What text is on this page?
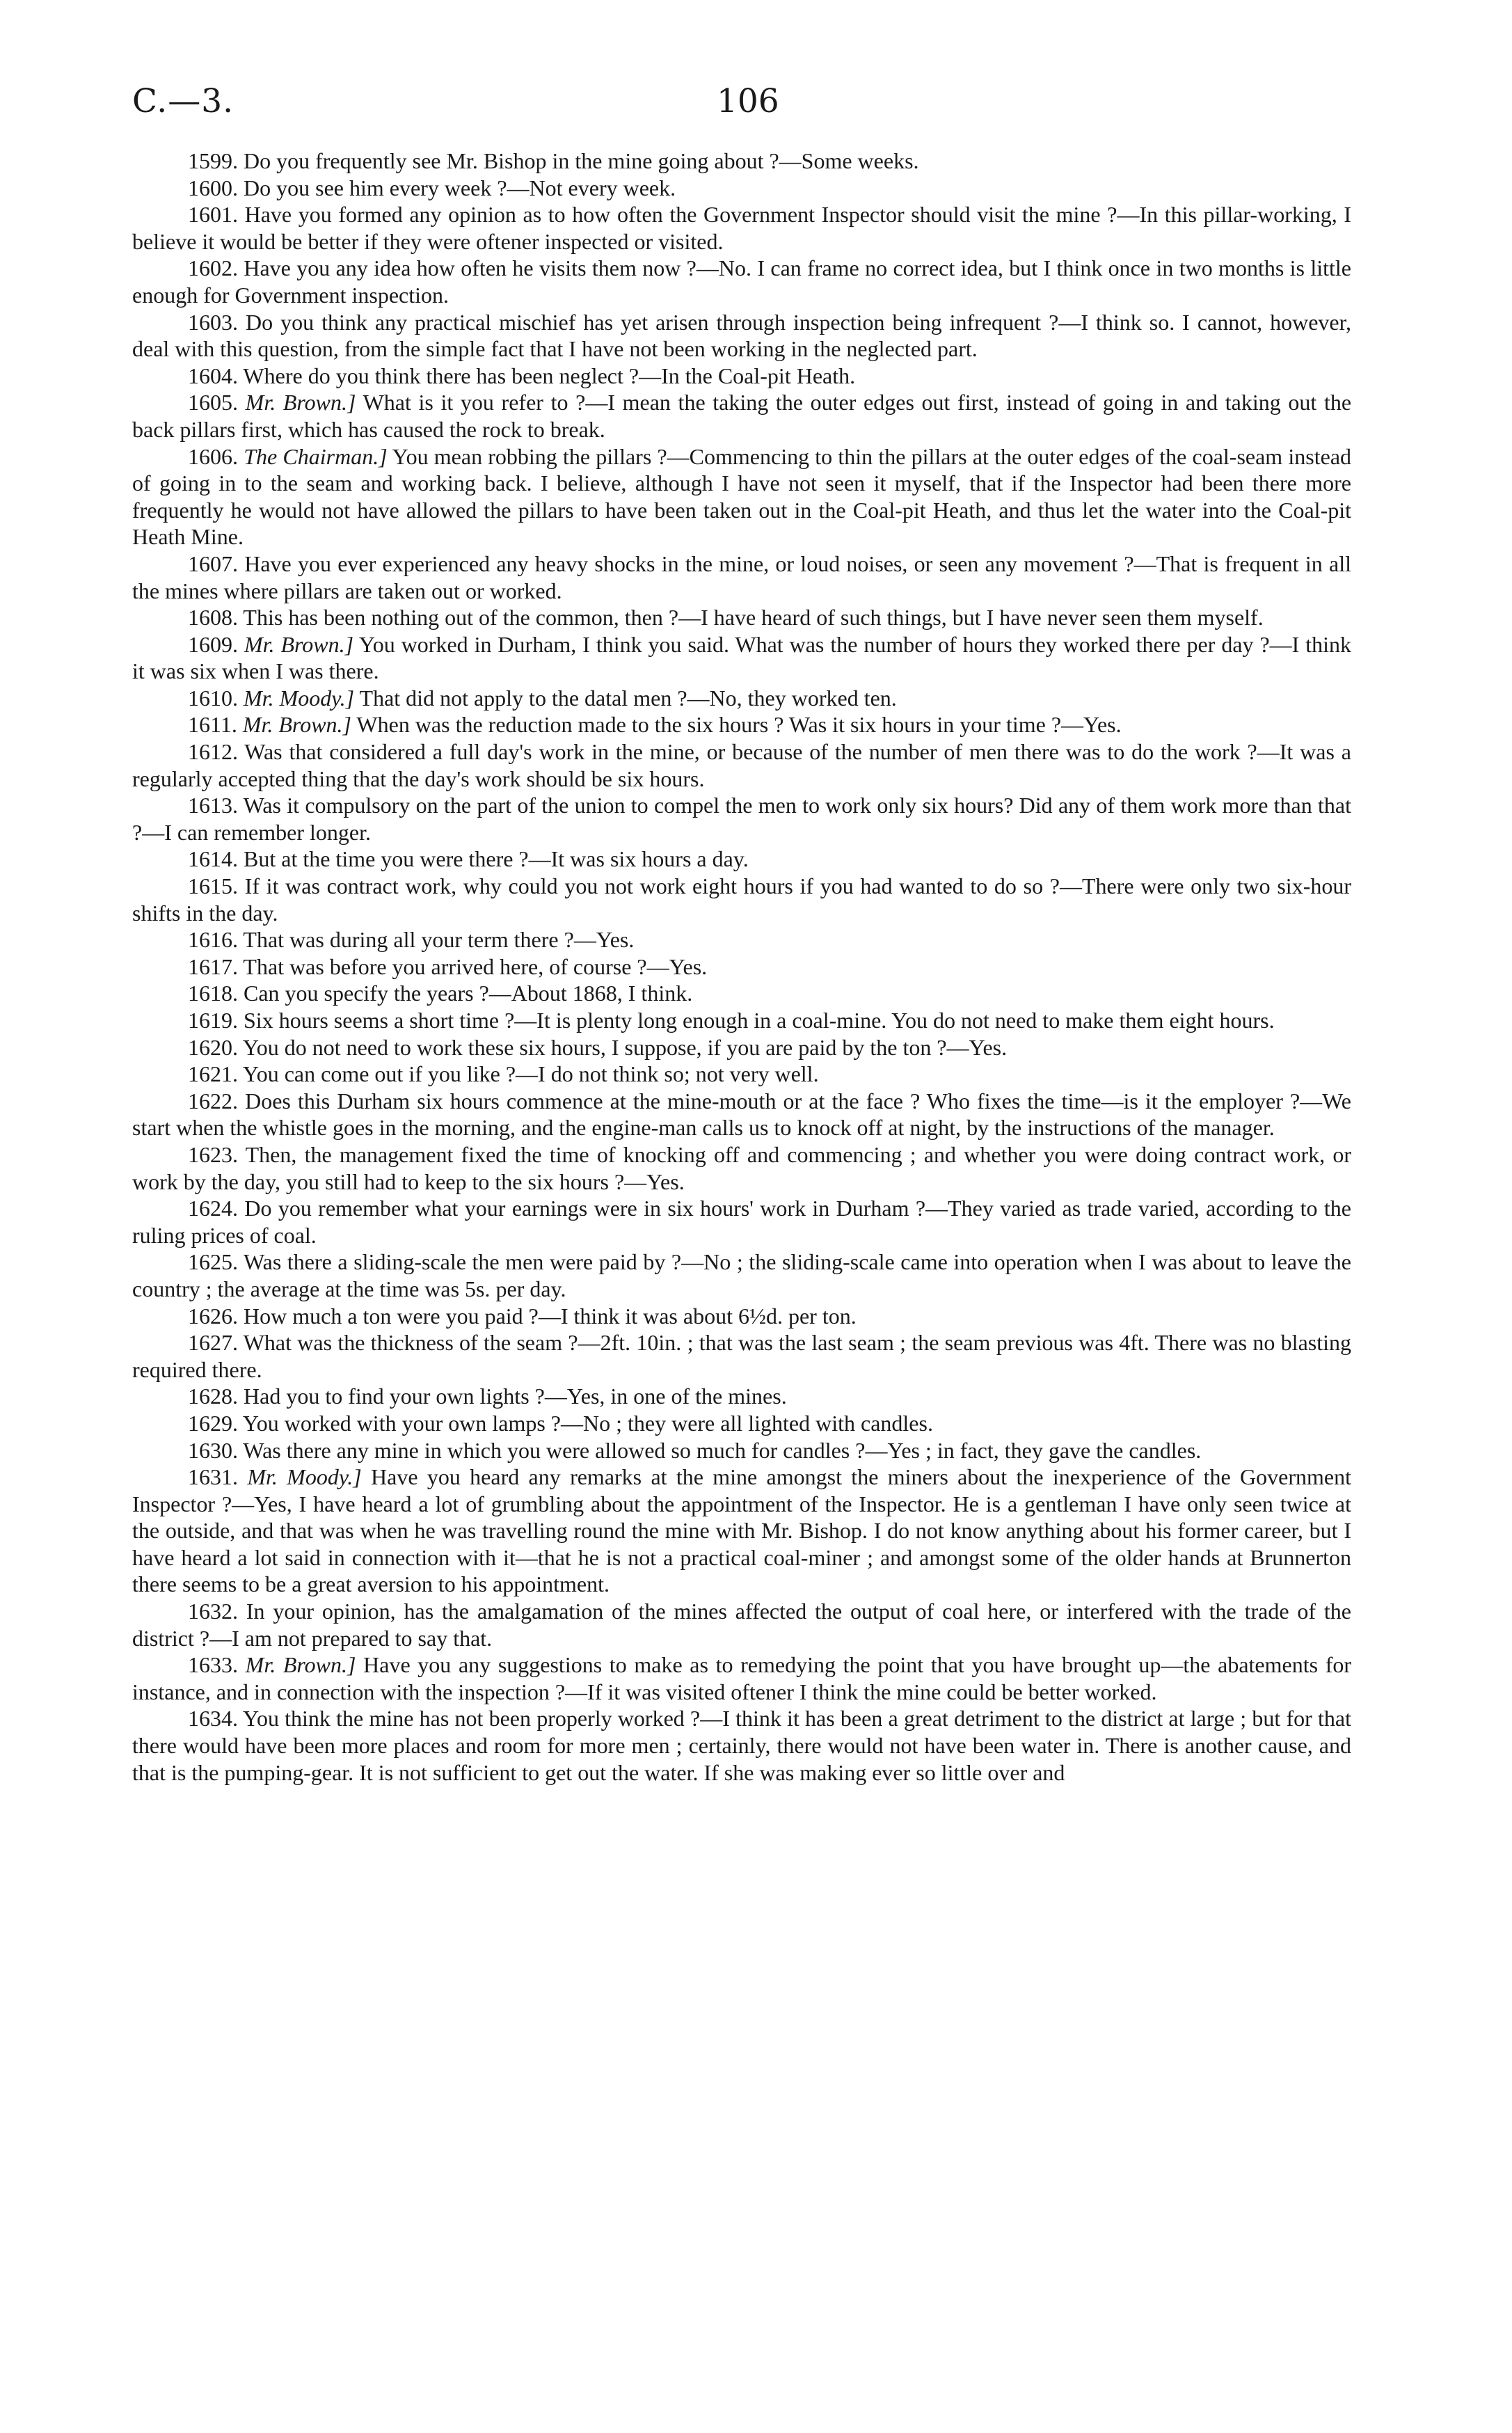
C.—3.	106

1599. Do you frequently see Mr. Bishop in the mine going about ?—Some weeks.

1600. Do you see him every week ?—Not every week.

1601. Have you formed any opinion as to how often the Government Inspector should visit the mine ?—In this pillar-working, I believe it would be better if they were oftener inspected or visited.

1602. Have you any idea how often he visits them now ?—No. I can frame no correct idea, but I think once in two months is little enough for Government inspection.

1603. Do you think any practical mischief has yet arisen through inspection being infrequent ?—I think so. I cannot, however, deal with this question, from the simple fact that I have not been working in the neglected part.

1604. Where do you think there has been neglect ?—In the Coal-pit Heath.

1605. Mr. Brown.] What is it you refer to ?—I mean the taking the outer edges out first, instead of going in and taking out the back pillars first, which has caused the rock to break.

1606. The Chairman.] You mean robbing the pillars ?—Commencing to thin the pillars at the outer edges of the coal-seam instead of going in to the seam and working back. I believe, although I have not seen it myself, that if the Inspector had been there more frequently he would not have allowed the pillars to have been taken out in the Coal-pit Heath, and thus let the water into the Coal-pit Heath Mine.

1607. Have you ever experienced any heavy shocks in the mine, or loud noises, or seen any movement ?—That is frequent in all the mines where pillars are taken out or worked.

1608. This has been nothing out of the common, then ?—I have heard of such things, but I have never seen them myself.

1609. Mr. Brown.] You worked in Durham, I think you said. What was the number of hours they worked there per day ?—I think it was six when I was there.

1610. Mr. Moody.] That did not apply to the datal men ?—No, they worked ten.

1611. Mr. Brown.] When was the reduction made to the six hours ? Was it six hours in your time ?—Yes.

1612. Was that considered a full day's work in the mine, or because of the number of men there was to do the work ?—It was a regularly accepted thing that the day's work should be six hours.

1613. Was it compulsory on the part of the union to compel the men to work only six hours? Did any of them work more than that ?—I can remember longer.

1614. But at the time you were there ?—It was six hours a day.

1615. If it was contract work, why could you not work eight hours if you had wanted to do so ?—There were only two six-hour shifts in the day.

1616. That was during all your term there ?—Yes.

1617. That was before you arrived here, of course ?—Yes.

1618. Can you specify the years ?—About 1868, I think.

1619. Six hours seems a short time ?—It is plenty long enough in a coal-mine. You do not need to make them eight hours.

1620. You do not need to work these six hours, I suppose, if you are paid by the ton ?—Yes.

1621. You can come out if you like ?—I do not think so; not very well.

1622. Does this Durham six hours commence at the mine-mouth or at the face ? Who fixes the time—is it the employer ?—We start when the whistle goes in the morning, and the engine-man calls us to knock off at night, by the instructions of the manager.

1623. Then, the management fixed the time of knocking off and commencing ; and whether you were doing contract work, or work by the day, you still had to keep to the six hours ?—Yes.

1624. Do you remember what your earnings were in six hours' work in Durham ?—They varied as trade varied, according to the ruling prices of coal.

1625. Was there a sliding-scale the men were paid by ?—No ; the sliding-scale came into operation when I was about to leave the country ; the average at the time was 5s. per day.

1626. How much a ton were you paid ?—I think it was about 6½d. per ton.

1627. What was the thickness of the seam ?—2ft. 10in. ; that was the last seam ; the seam previous was 4ft. There was no blasting required there.

1628. Had you to find your own lights ?—Yes, in one of the mines.

1629. You worked with your own lamps ?—No ; they were all lighted with candles.

1630. Was there any mine in which you were allowed so much for candles ?—Yes ; in fact, they gave the candles.

1631. Mr. Moody.] Have you heard any remarks at the mine amongst the miners about the inexperience of the Government Inspector ?—Yes, I have heard a lot of grumbling about the appointment of the Inspector. He is a gentleman I have only seen twice at the outside, and that was when he was travelling round the mine with Mr. Bishop. I do not know anything about his former career, but I have heard a lot said in connection with it—that he is not a practical coal-miner ; and amongst some of the older hands at Brunnerton there seems to be a great aversion to his appointment.

1632. In your opinion, has the amalgamation of the mines affected the output of coal here, or interfered with the trade of the district ?—I am not prepared to say that.

1633. Mr. Brown.] Have you any suggestions to make as to remedying the point that you have brought up—the abatements for instance, and in connection with the inspection ?—If it was visited oftener I think the mine could be better worked.

1634. You think the mine has not been properly worked ?—I think it has been a great detriment to the district at large ; but for that there would have been more places and room for more men ; certainly, there would not have been water in. There is another cause, and that is the pumping-gear. It is not sufficient to get out the water. If she was making ever so little over and
